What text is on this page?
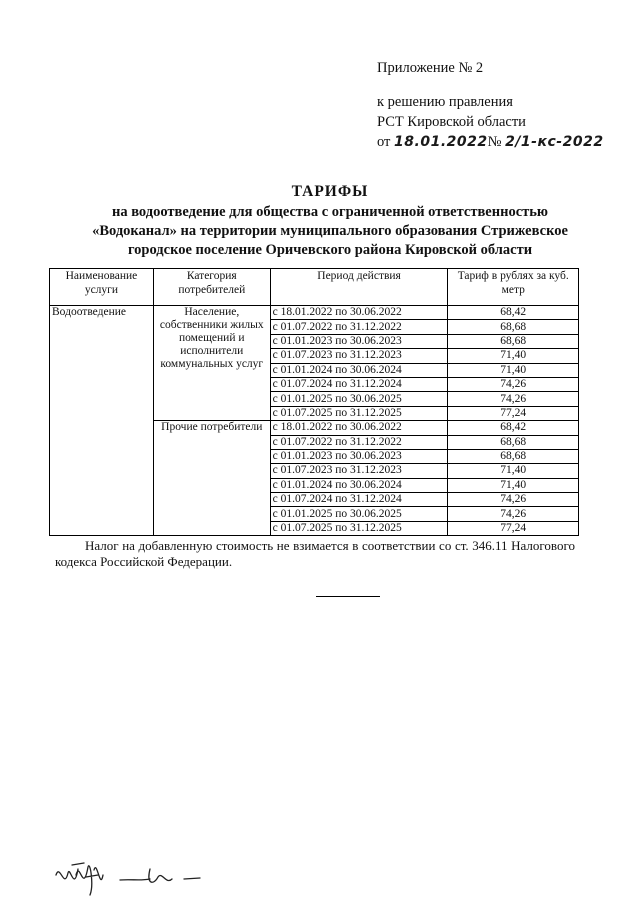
Приложение № 2
к решению правления
РСТ Кировской области
от 18.01.2022№ 2/1-кс-2022
ТАРИФЫ
на водоотведение для общества с ограниченной ответственностью
«Водоканал» на территории муниципального образования Стрижевское
городское поселение Оричевского района Кировской области
Наименование услуги	Категория потребителей	Период действия	Тариф в рублях за куб. метр
Водоотведение	Население, собственники жилых помещений и исполнители коммунальных услуг	с 18.01.2022 по 30.06.2022	68,42
		с 01.07.2022 по 31.12.2022	68,68
		с 01.01.2023 по 30.06.2023	68,68
		с 01.07.2023 по 31.12.2023	71,40
		с 01.01.2024 по 30.06.2024	71,40
		с 01.07.2024 по 31.12.2024	74,26
		с 01.01.2025 по 30.06.2025	74,26
		с 01.07.2025 по 31.12.2025	77,24
	Прочие потребители	с 18.01.2022 по 30.06.2022	68,42
		с 01.07.2022 по 31.12.2022	68,68
		с 01.01.2023 по 30.06.2023	68,68
		с 01.07.2023 по 31.12.2023	71,40
		с 01.01.2024 по 30.06.2024	71,40
		с 01.07.2024 по 31.12.2024	74,26
		с 01.01.2025 по 30.06.2025	74,26
		с 01.07.2025 по 31.12.2025	77,24
Налог на добавленную стоимость не взимается в соответствии со ст. 346.11 Налогового кодекса Российской Федерации.
